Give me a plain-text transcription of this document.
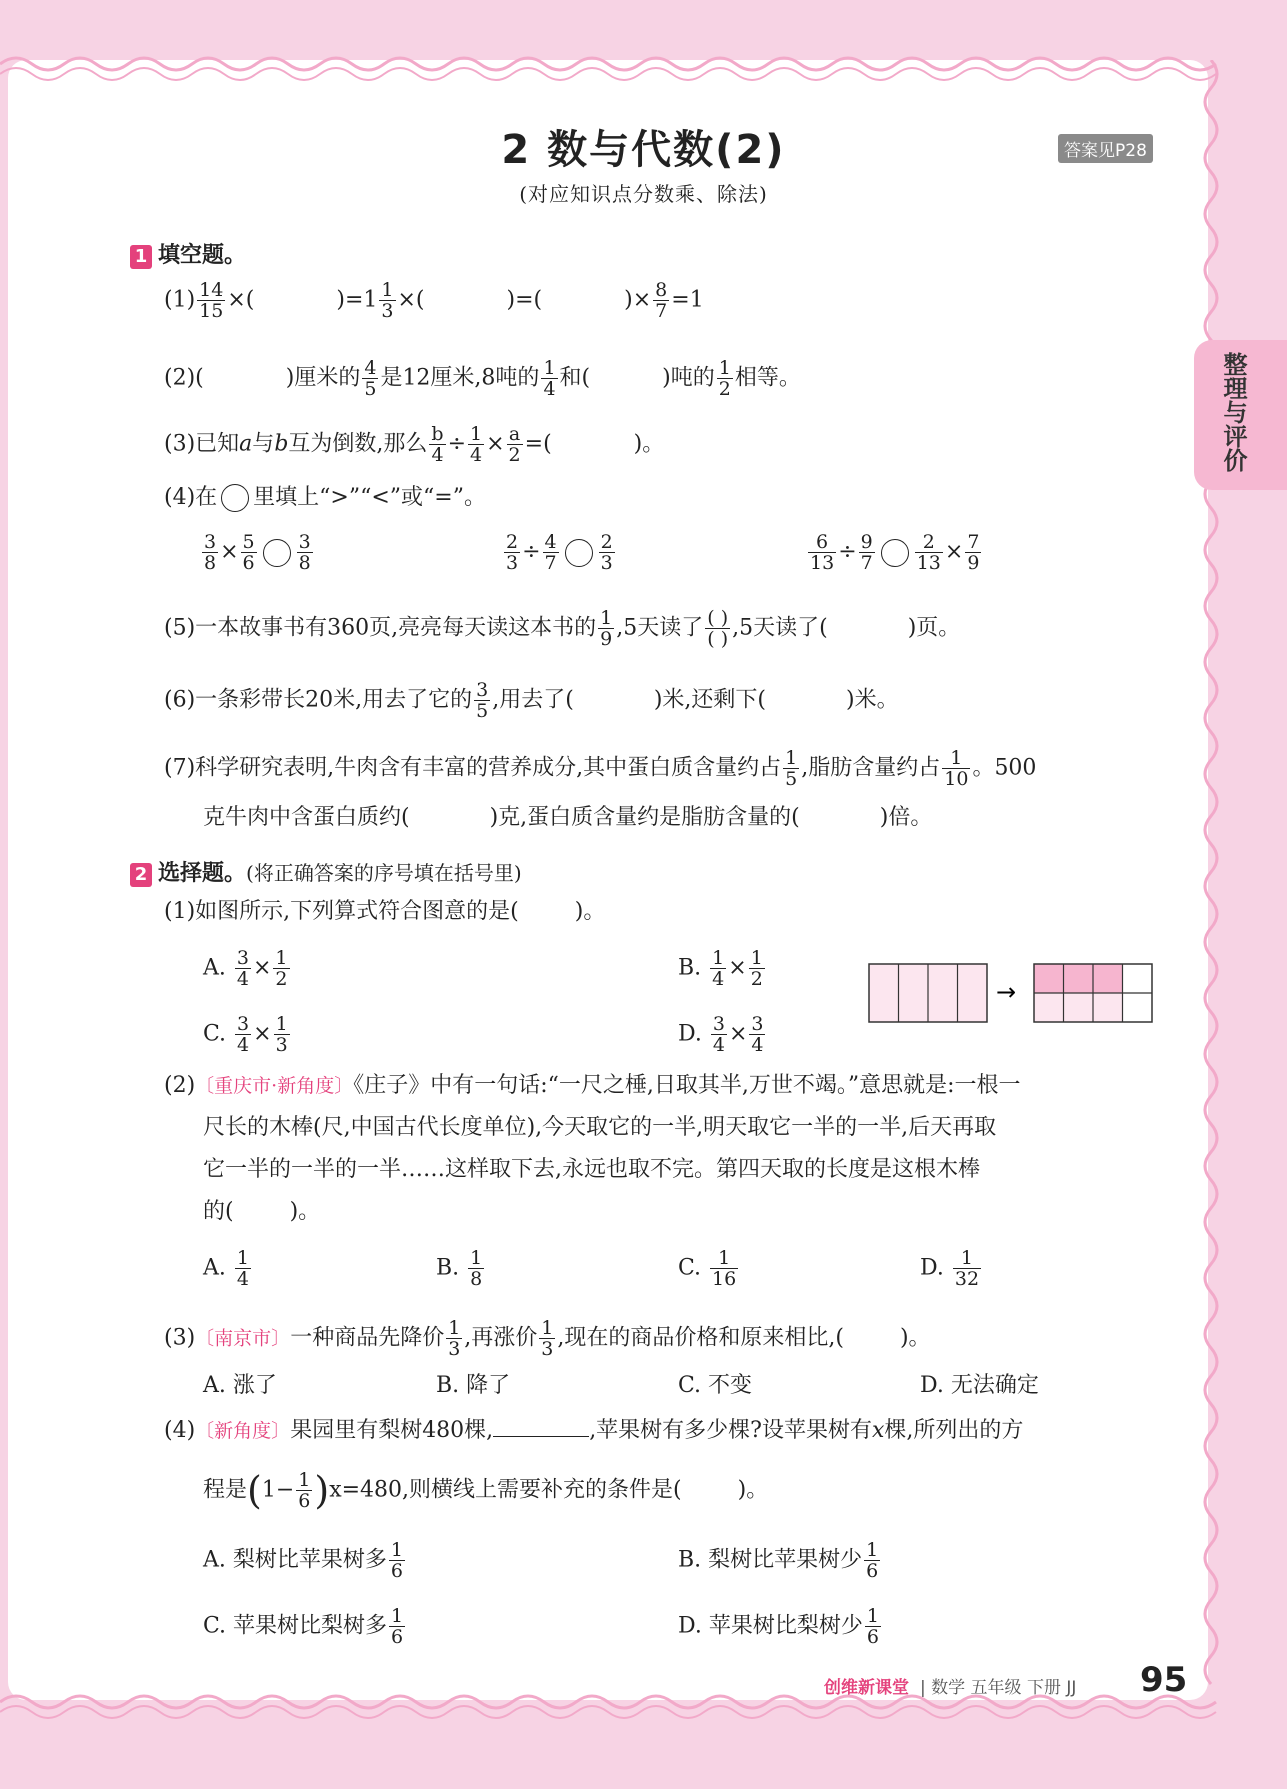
2 数与代数(2)
(对应知识点分数乘、除法)
答案见P28
整理与评价
1 填空题。
$(1) \frac{14}{15}$ ×(	)$=1 \frac{1}{3}$ ×(	)=(	)× $\frac{8}{7} =1$
(2)(	)厘米的 $\frac{4}{5}$ 是12厘米,8吨的 $\frac{1}{4}$ 和(	)吨的 $\frac{1}{2}$ 相等。
(3)已知a与b互为倒数,那么 $\frac{b}{4} \div \frac{1}{4} \times \frac{a}{2}$ =(	)。
(4)在 里填上“>”“<”或“=”。
$\frac{3}{8} \times \frac{5}{6} \frac{3}{8}$	$\frac{2}{3} \div \frac{4}{7} \frac{2}{3}$	$\frac{6}{13} \div \frac{9}{7} \frac{2}{13} \times \frac{7}{9}$
(5)一本故事书有360页,亮亮每天读这本书的 $\frac{1}{9} ,5$天读了 $\frac{( )}{( )} ,5$天读了(	)页。
(6)一条彩带长20米,用去了它的 $\frac{3}{5}$ ,用去了(	)米,还剩下(	)米。
(7)科学研究表明,牛肉含有丰富的营养成分,其中蛋白质含量约占 $\frac{1}{5}$ ,脂肪含量约占 $\frac{1}{10}$ 。500
克牛肉中含蛋白质约(	)克,蛋白质含量约是脂肪含量的(	)倍。
2 选择题。(将正确答案的序号填在括号里)
(1)如图所示,下列算式符合图意的是(	)。
A. $\frac{3}{4} \times \frac{1}{2}$	B. $\frac{1}{4} \times \frac{1}{2}$
C. $\frac{3}{4} \times \frac{1}{3}$	D. $\frac{3}{4} \times \frac{3}{4}$
→
(2)〔重庆市·新角度〕《庄子》中有一句话:“一尺之棰,日取其半,万世不竭。”意思就是:一根一
尺长的木棒(尺,中国古代长度单位),今天取它的一半,明天取它一半的一半,后天再取
它一半的一半的一半……这样取下去,永远也取不完。第四天取的长度是这根木棒
的(	)。
A. $\frac{1}{4}$	B. $\frac{1}{8}$	C. $\frac{1}{16}$	D. $\frac{1}{32}$
(3)〔南京市〕一种商品先降价 $\frac{1}{3}$ ,再涨价 $\frac{1}{3}$ ,现在的商品价格和原来相比,(	)。
A. 涨了	B. 降了	C. 不变	D. 无法确定
(4)〔新角度〕果园里有梨树480棵,	,苹果树有多少棵?设苹果树有x棵,所列出的方
程是$(1- \frac{1}{6} )x=480$,则横线上需要补充的条件是(	)。
A. 梨树比苹果树多 $\frac{1}{6}$	B. 梨树比苹果树少 $\frac{1}{6}$
C. 苹果树比梨树多 $\frac{1}{6}$	D. 苹果树比梨树少 $\frac{1}{6}$
创维新课堂 | 数学 五年级 下册 JJ 95
